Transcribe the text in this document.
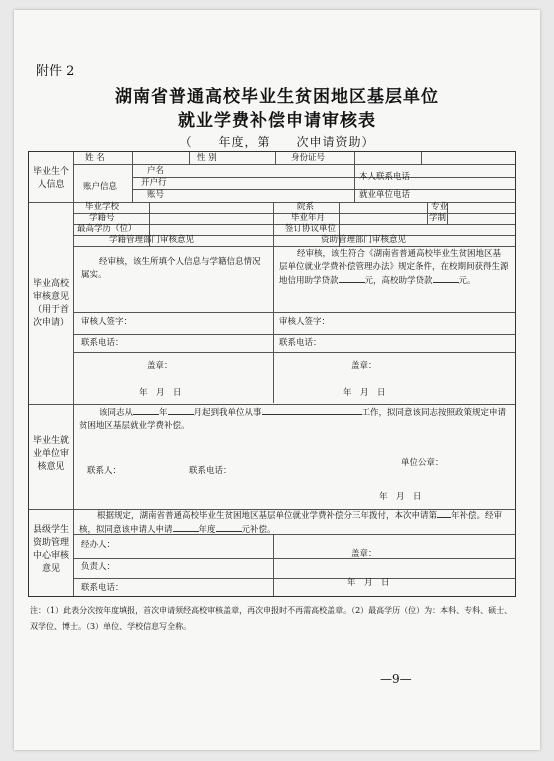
附件 2
湖南省普通高校毕业生贫困地区基层单位
就业学费补偿申请审核表
（　　年度，第　　次申请资助）
毕业生个人信息
姓 名	性 别	身份证号
账户信息
户名
开户行
账号
本人联系电话
就业单位电话
毕业高校审核意见（用于首次申请）
毕业学校	院系	专业
学籍号	毕业年月	学制
最高学历（位）	签订协议单位
学籍管理部门审核意见	资助管理部门审核意见
经审核，该生所填个人信息与学籍信息情况属实。
经审核，该生符合《湖南省普通高校毕业生贫困地区基层单位就业学费补偿管理办法》规定条件，在校期间获得生源地信用助学贷款	元，高校助学贷款	元。
审核人签字：	审核人签字：
联系电话：	联系电话：
盖章：	盖章：
年　月　日	年　月　日
毕业生就业单位审核意见
该同志从	年	月起到我单位从事	工作，拟同意该同志按照政策规定申请贫困地区基层就业学费补偿。
单位公章：
联系人：	联系电话：
年　月　日
县级学生资助管理中心审核意见
根据规定，湖南省普通高校毕业生贫困地区基层单位就业学费补偿分三年拨付，本次申请第 年补偿。经审核，拟同意该申请人申请	年度	元补偿。
经办人：
负责人：
联系电话：
盖章：
年　月　日
注：（1）此表分次按年度填报，首次申请须经高校审核盖章，再次申报时不再需高校盖章。（2）最高学历（位）为：本科、专科、硕士、双学位、博士。（3）单位、学校信息写全称。
—9—
